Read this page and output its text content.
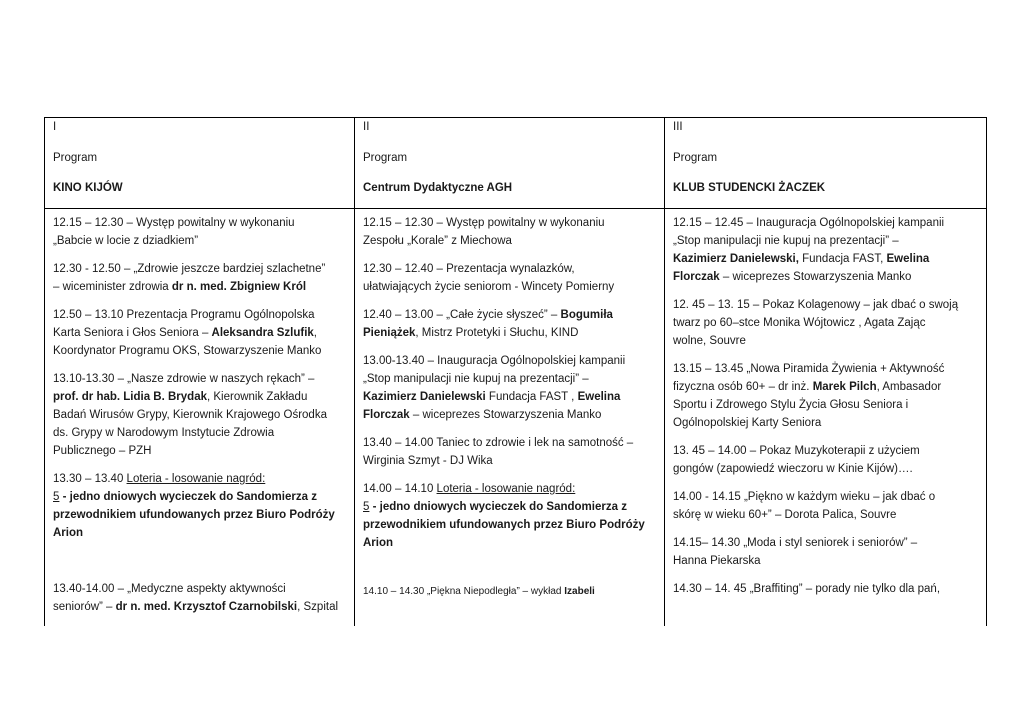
I
Program
KINO KIJÓW
II
Program
Centrum Dydaktyczne AGH
III
Program
KLUB STUDENCKI ŻACZEK
12.15 – 12.30 – Występ powitalny w wykonaniu
„Babcie w locie z dziadkiem”
12.30 - 12.50 – „Zdrowie jeszcze bardziej szlachetne”
– wiceminister zdrowia dr n. med. Zbigniew Król
12.50 – 13.10 Prezentacja Programu Ogólnopolska
Karta Seniora i Głos Seniora – Aleksandra Szlufik,
Koordynator Programu OKS, Stowarzyszenie Manko
13.10-13.30 – „Nasze zdrowie w naszych rękach” –
prof. dr hab. Lidia B. Brydak, Kierownik Zakładu
Badań Wirusów Grypy, Kierownik Krajowego Ośrodka
ds. Grypy w Narodowym Instytucie Zdrowia
Publicznego – PZH
13.30 – 13.40 Loteria - losowanie nagród:
5 - jedno dniowych wycieczek do Sandomierza z
przewodnikiem ufundowanych przez Biuro Podróży
Arion
13.40-14.00 – „Medyczne aspekty aktywności
seniorów” – dr n. med. Krzysztof Czarnobilski, Szpital
12.15 – 12.30 – Występ powitalny w wykonaniu
Zespołu „Korale” z Miechowa
12.30 – 12.40 – Prezentacja wynalazków,
ułatwiających życie seniorom - Wincety Pomierny
12.40 – 13.00 – „Całe życie słyszeć” – Bogumiła
Pieniążek, Mistrz Protetyki i Słuchu, KIND
13.00-13.40 – Inauguracja Ogólnopolskiej kampanii
„Stop manipulacji nie kupuj na prezentacji” –
Kazimierz Danielewski Fundacja FAST , Ewelina
Florczak – wiceprezes Stowarzyszenia Manko
13.40 – 14.00 Taniec to zdrowie i lek na samotność –
Wirginia Szmyt - DJ Wika
14.00 – 14.10 Loteria - losowanie nagród:
5 - jedno dniowych wycieczek do Sandomierza z
przewodnikiem ufundowanych przez Biuro Podróży
Arion
14.10 – 14.30 „Piękna Niepodległa” – wykład Izabeli
12.15 – 12.45 – Inauguracja Ogólnopolskiej kampanii
„Stop manipulacji nie kupuj na prezentacji” –
Kazimierz Danielewski, Fundacja FAST, Ewelina
Florczak – wiceprezes Stowarzyszenia Manko
12. 45 – 13. 15 – Pokaz Kolagenowy – jak dbać o swoją
twarz po 60–stce Monika Wójtowicz , Agata Zając
wolne, Souvre
13.15 – 13.45 „Nowa Piramida Żywienia + Aktywność
fizyczna osób 60+ – dr inż. Marek Pilch, Ambasador
Sportu i Zdrowego Stylu Życia Głosu Seniora i
Ogólnopolskiej Karty Seniora
13. 45 – 14.00 – Pokaz Muzykoterapii z użyciem
gongów (zapowiedź wieczoru w Kinie Kijów)….
14.00 - 14.15 „Piękno w każdym wieku – jak dbać o
skórę w wieku 60+” – Dorota Palica, Souvre
14.15– 14.30 „Moda i styl seniorek i seniorów” –
Hanna Piekarska
14.30 – 14. 45 „Braffiting” – porady nie tylko dla pań,
